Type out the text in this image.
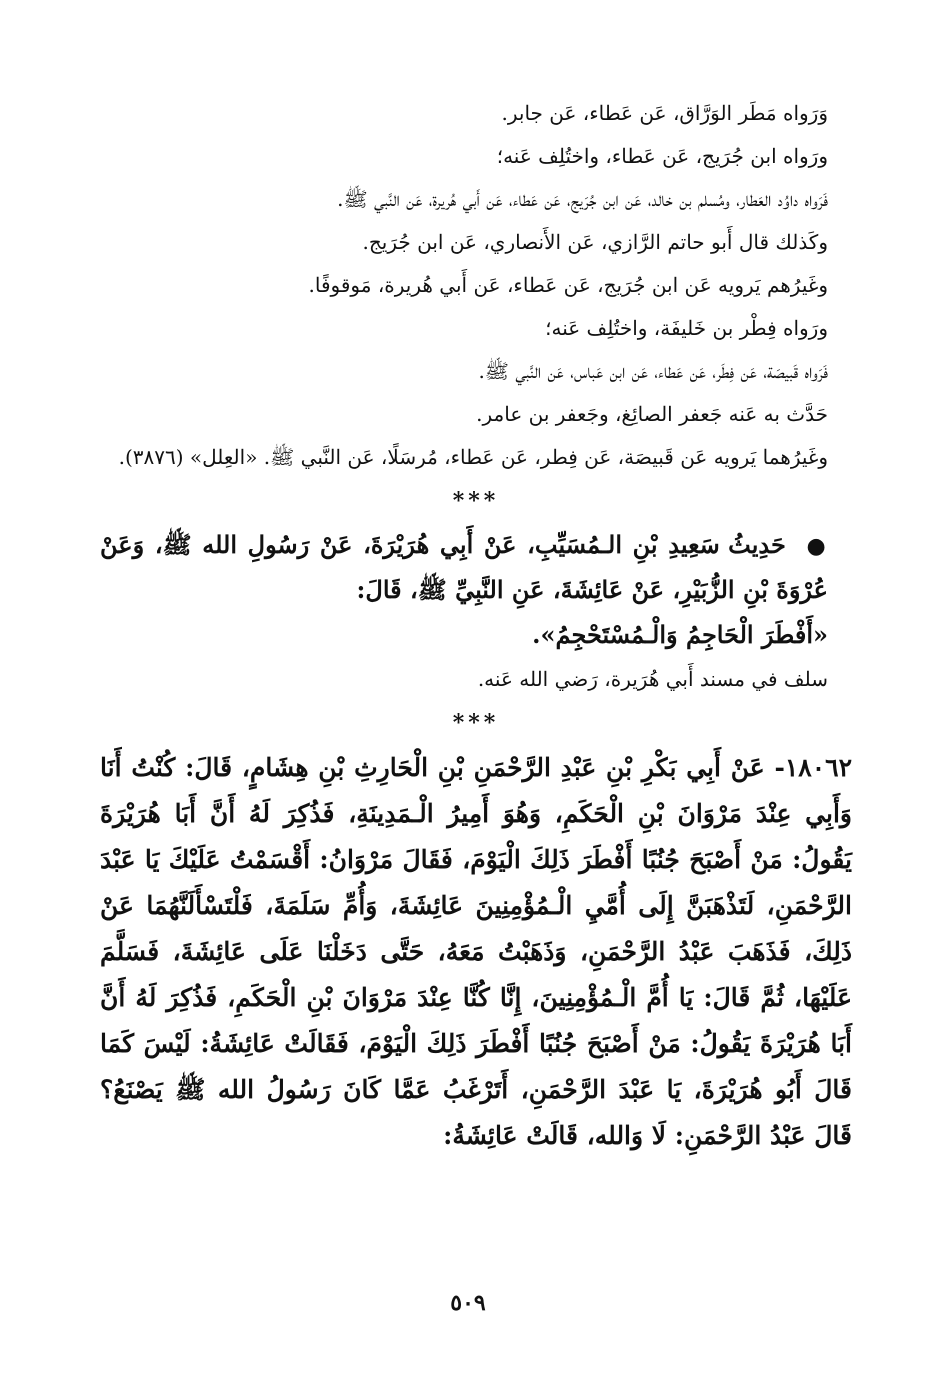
وَرَواه مَطَر الوَرَّاق، عَن عَطاء، عَن جابر.

ورَواه ابن جُرَيج، عَن عَطاء، واختُلِف عَنه؛

فَرَواه داوُد العَطار، ومُسلم بن خالد، عَن ابن جُرَيج، عَن عَطاء، عَن أَبي هُريرة، عَن النَّبي ﷺ.

وكَذلك قال أَبو حاتم الرَّازي، عَن الأَنصاري، عَن ابن جُرَيج.

وغَيرُهم يَرويه عَن ابن جُرَيج، عَن عَطاء، عَن أَبي هُريرة، مَوقوفًا.

ورَواه فِطْر بن خَليفَة، واختُلِف عَنه؛

فَرَواه قَبيصَة، عَن فِطَر، عَن عَطاء، عَن ابن عَباس، عَن النَّبي ﷺ.

حَدَّث به عَنه جَعفر الصائِغ، وجَعفر بن عامر.

وغَيرُهما يَرويه عَن قَبيصَة، عَن فِطر، عَن عَطاء، مُرسَلًا، عَن النَّبي ﷺ. «العِلل» (٣٨٧٦).

***

● حَدِيثُ سَعِيدِ بْنِ الـمُسَيِّبِ، عَنْ أَبِي هُرَيْرَةَ، عَنْ رَسُولِ الله ﷺ، وَعَنْ عُرْوَةَ بْنِ الزُّبَيْرِ، عَنْ عَائِشَةَ، عَنِ النَّبِيِّ ﷺ، قَالَ:

«أَفْطَرَ الْحَاجِمُ وَالْـمُسْتَحْجِمُ».

سلف في مسند أَبي هُرَيرة، رَضي الله عَنه.

***

١٨٠٦٢- عَنْ أَبِي بَكْرِ بْنِ عَبْدِ الرَّحْمَنِ بْنِ الْحَارِثِ بْنِ هِشَامٍ، قَالَ: كُنْتُ أَنَا وَأَبِي عِنْدَ مَرْوَانَ بْنِ الْحَكَمِ، وَهُوَ أَمِيرُ الْـمَدِينَةِ، فَذُكِرَ لَهُ أَنَّ أَبَا هُرَيْرَةَ يَقُولُ: مَنْ أَصْبَحَ جُنُبًا أَفْطَرَ ذَلِكَ الْيَوْمَ، فَقَالَ مَرْوَانُ: أَقْسَمْتُ عَلَيْكَ يَا عَبْدَ الرَّحْمَنِ، لَتَذْهَبَنَّ إِلَى أُمَّيِ الْـمُؤْمِنِينَ عَائِشَةَ، وَأُمِّ سَلَمَةَ، فَلْتَسْأَلَنَّهُمَا عَنْ ذَلِكَ، فَذَهَبَ عَبْدُ الرَّحْمَنِ، وَذَهَبْتُ مَعَهُ، حَتَّى دَخَلْنَا عَلَى عَائِشَةَ، فَسَلَّمَ عَلَيْهَا، ثُمَّ قَالَ: يَا أُمَّ الْـمُؤْمِنِينَ، إِنَّا كُنَّا عِنْدَ مَرْوَانَ بْنِ الْحَكَمِ، فَذُكِرَ لَهُ أَنَّ أَبَا هُرَيْرَةَ يَقُولُ: مَنْ أَصْبَحَ جُنُبًا أَفْطَرَ ذَلِكَ الْيَوْمَ، فَقَالَتْ عَائِشَةُ: لَيْسَ كَمَا قَالَ أَبُو هُرَيْرَةَ، يَا عَبْدَ الرَّحْمَنِ، أَتَرْغَبُ عَمَّا كَانَ رَسُولُ الله ﷺ يَصْنَعُ؟ قَالَ عَبْدُ الرَّحْمَنِ: لَا وَالله، قَالَتْ عَائِشَةُ:

٥٠٩
